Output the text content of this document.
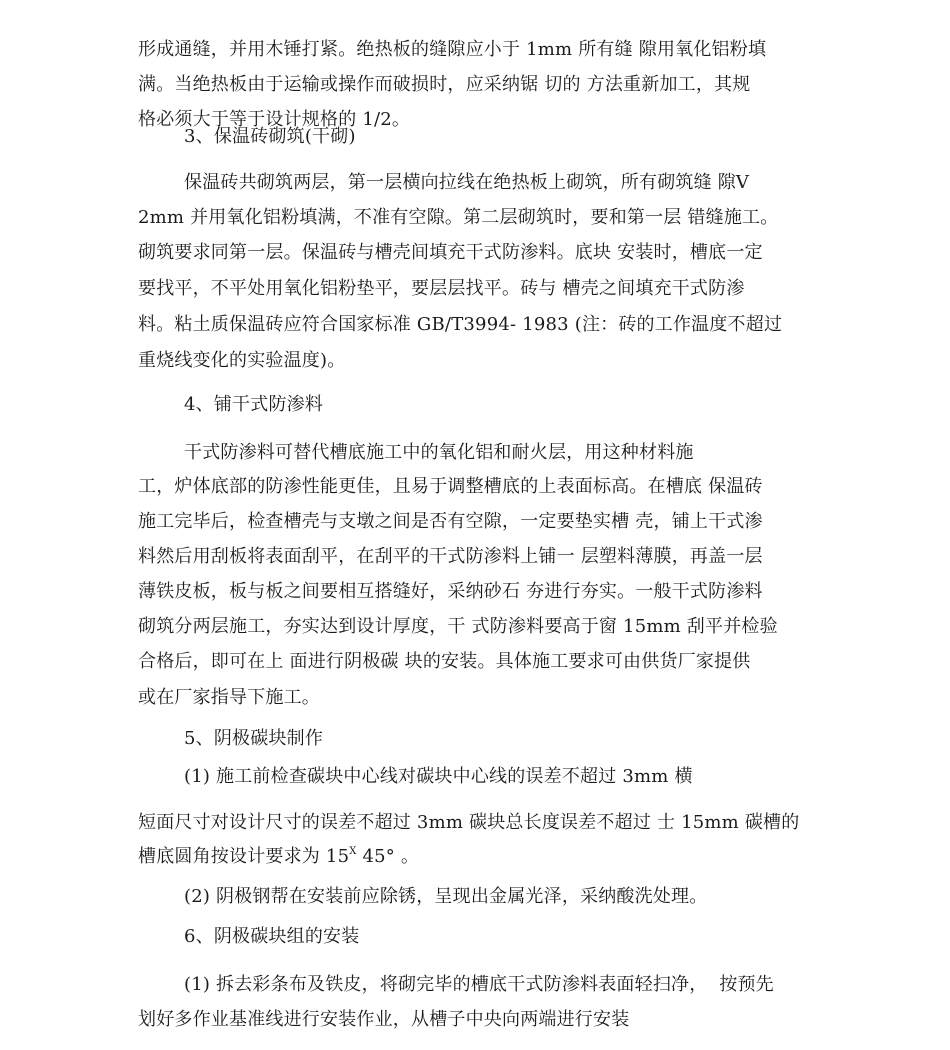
形成通缝，并用木锤打紧。绝热板的缝隙应小于 1mm 所有缝 隙用氧化铝粉填
满。当绝热板由于运输或操作而破损时，应采纳锯 切的 方法重新加工，其规
格必须大于等于设计规格的 1/2。
3、保温砖砌筑(干砌)
保温砖共砌筑两层，第一层横向拉线在绝热板上砌筑，所有砌筑缝 隙V
2mm 并用氧化铝粉填满，不准有空隙。第二层砌筑时，要和第一层 错缝施工。
砌筑要求同第一层。保温砖与槽壳间填充干式防渗料。底块 安装时，槽底一定
要找平，不平处用氧化铝粉垫平，要层层找平。砖与 槽壳之间填充干式防渗
料。粘土质保温砖应符合国家标准 GB/T3994- 1983 (注：砖的工作温度不超过
重烧线变化的实验温度)。
4、铺干式防渗料
干式防渗料可替代槽底施工中的氧化铝和耐火层，用这种材料施
工，炉体底部的防渗性能更佳，且易于调整槽底的上表面标高。在槽底 保温砖
施工完毕后，检查槽壳与支墩之间是否有空隙，一定要垫实槽 壳，铺上干式渗
料然后用刮板将表面刮平，在刮平的干式防渗料上铺一 层塑料薄膜，再盖一层
薄铁皮板，板与板之间要相互搭缝好，采纳砂石 夯进行夯实。一般干式防渗料
砌筑分两层施工，夯实达到设计厚度，干 式防渗料要高于窗 15mm 刮平并检验
合格后，即可在上 面进行阴极碳 块的安装。具体施工要求可由供货厂家提供
或在厂家指导下施工。
5、阴极碳块制作
(1) 施工前检查碳块中心线对碳块中心线的误差不超过 3mm 横
短面尺寸对设计尺寸的误差不超过 3mm 碳块总长度误差不超过 士 15mm 碳槽的
槽底圆角按设计要求为 $15^X$ 45° 。
(2) 阴极钢帮在安装前应除锈，呈现出金属光泽，采纳酸洗处理。
6、阴极碳块组的安装
(1) 拆去彩条布及铁皮，将砌完毕的槽底干式防渗料表面轻扫净，  按预先
划好多作业基准线进行安装作业，从槽子中央向两端进行安装
